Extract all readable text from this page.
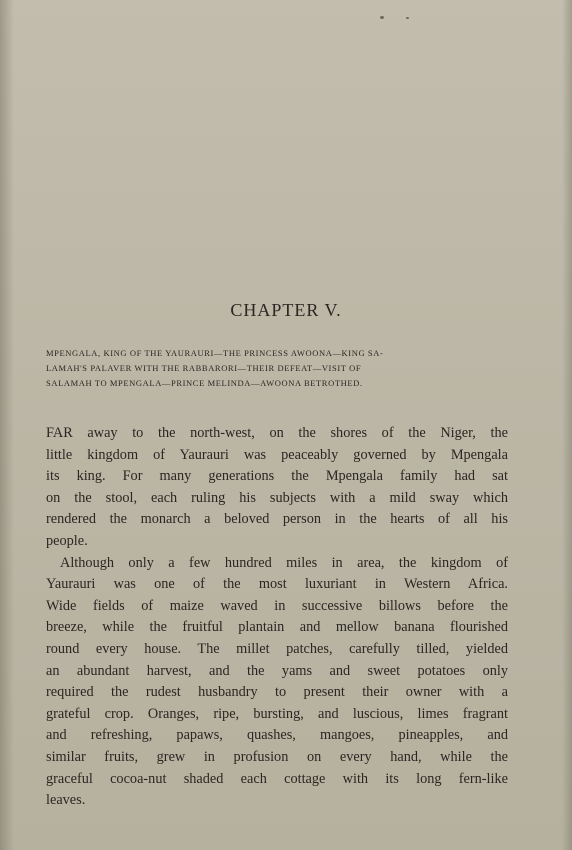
CHAPTER V.
MPENGALA, KING OF THE YAURAURI—THE PRINCESS AWOONA—KING SA-
LAMAH'S PALAVER WITH THE RABBARORI—THEIR DEFEAT—VISIT OF
SALAMAH TO MPENGALA—PRINCE MELINDA—AWOONA BETROTHED.
FAR away to the north-west, on the shores of the Niger, the
little kingdom of Yaurauri was peaceably governed by Mpengala
its king. For many generations the Mpengala family had sat
on the stool, each ruling his subjects with a mild sway which
rendered the monarch a beloved person in the hearts of all his
people.
Although only a few hundred miles in area, the kingdom of
Yaurauri was one of the most luxuriant in Western Africa.
Wide fields of maize waved in successive billows before the
breeze, while the fruitful plantain and mellow banana flourished
round every house. The millet patches, carefully tilled, yielded
an abundant harvest, and the yams and sweet potatoes only
required the rudest husbandry to present their owner with a
grateful crop. Oranges, ripe, bursting, and luscious, limes fragrant
and refreshing, papaws, quashes, mangoes, pineapples, and
similar fruits, grew in profusion on every hand, while the
graceful cocoa-nut shaded each cottage with its long fern-like
leaves.
